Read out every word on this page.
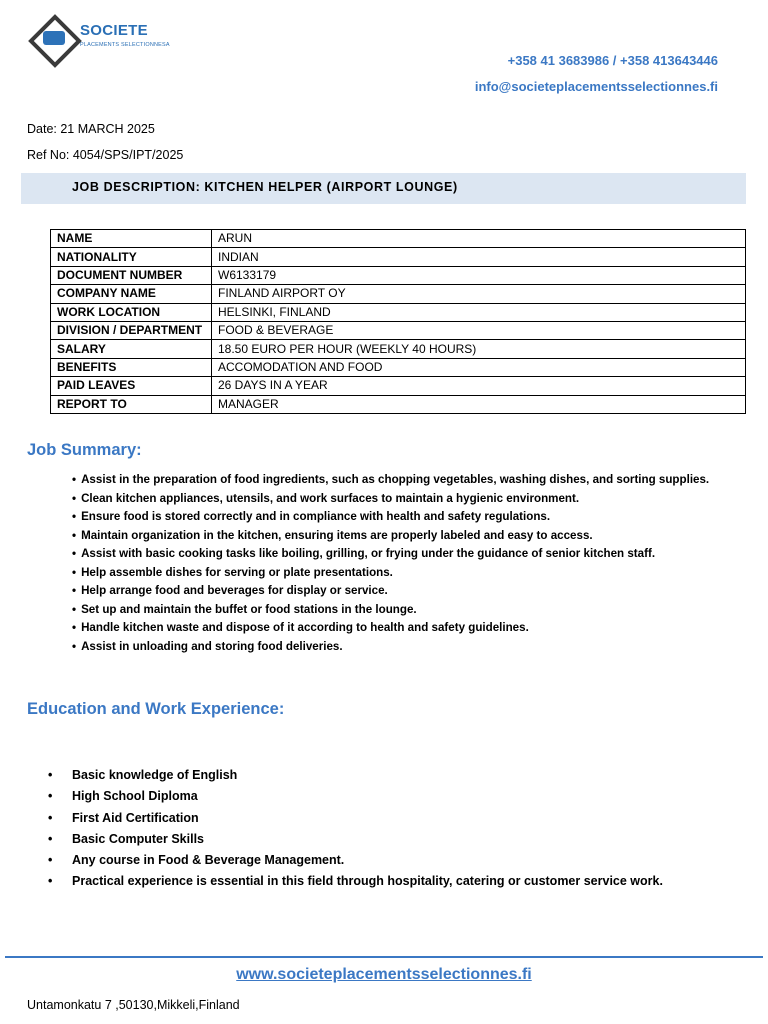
SOCIETE
PLACEMENTS SELECTIONNESA
+358 41 3683986 / +358 413643446
info@societeplacementsselectionnes.fi
Date: 21 MARCH 2025
Ref No: 4054/SPS/IPT/2025
JOB DESCRIPTION: KITCHEN HELPER (AIRPORT LOUNGE)
NAME	ARUN
NATIONALITY	INDIAN
DOCUMENT NUMBER	W6133179
COMPANY NAME	FINLAND AIRPORT OY
WORK LOCATION	HELSINKI, FINLAND
DIVISION / DEPARTMENT	FOOD & BEVERAGE
SALARY	18.50 EURO PER HOUR (WEEKLY 40 HOURS)
BENEFITS	ACCOMODATION AND FOOD
PAID LEAVES	26 DAYS IN A YEAR
REPORT TO	MANAGER
Job Summary:
• Assist in the preparation of food ingredients, such as chopping vegetables, washing dishes, and sorting supplies.
• Clean kitchen appliances, utensils, and work surfaces to maintain a hygienic environment.
• Ensure food is stored correctly and in compliance with health and safety regulations.
• Maintain organization in the kitchen, ensuring items are properly labeled and easy to access.
• Assist with basic cooking tasks like boiling, grilling, or frying under the guidance of senior kitchen staff.
• Help assemble dishes for serving or plate presentations.
• Help arrange food and beverages for display or service.
• Set up and maintain the buffet or food stations in the lounge.
• Handle kitchen waste and dispose of it according to health and safety guidelines.
• Assist in unloading and storing food deliveries.
Education and Work Experience:
• Basic knowledge of English
• High School Diploma
• First Aid Certification
• Basic Computer Skills
• Any course in Food & Beverage Management.
• Practical experience is essential in this field through hospitality, catering or customer service work.
www.societeplacementsselectionnes.fi
Untamonkatu 7 ,50130,Mikkeli,Finland
